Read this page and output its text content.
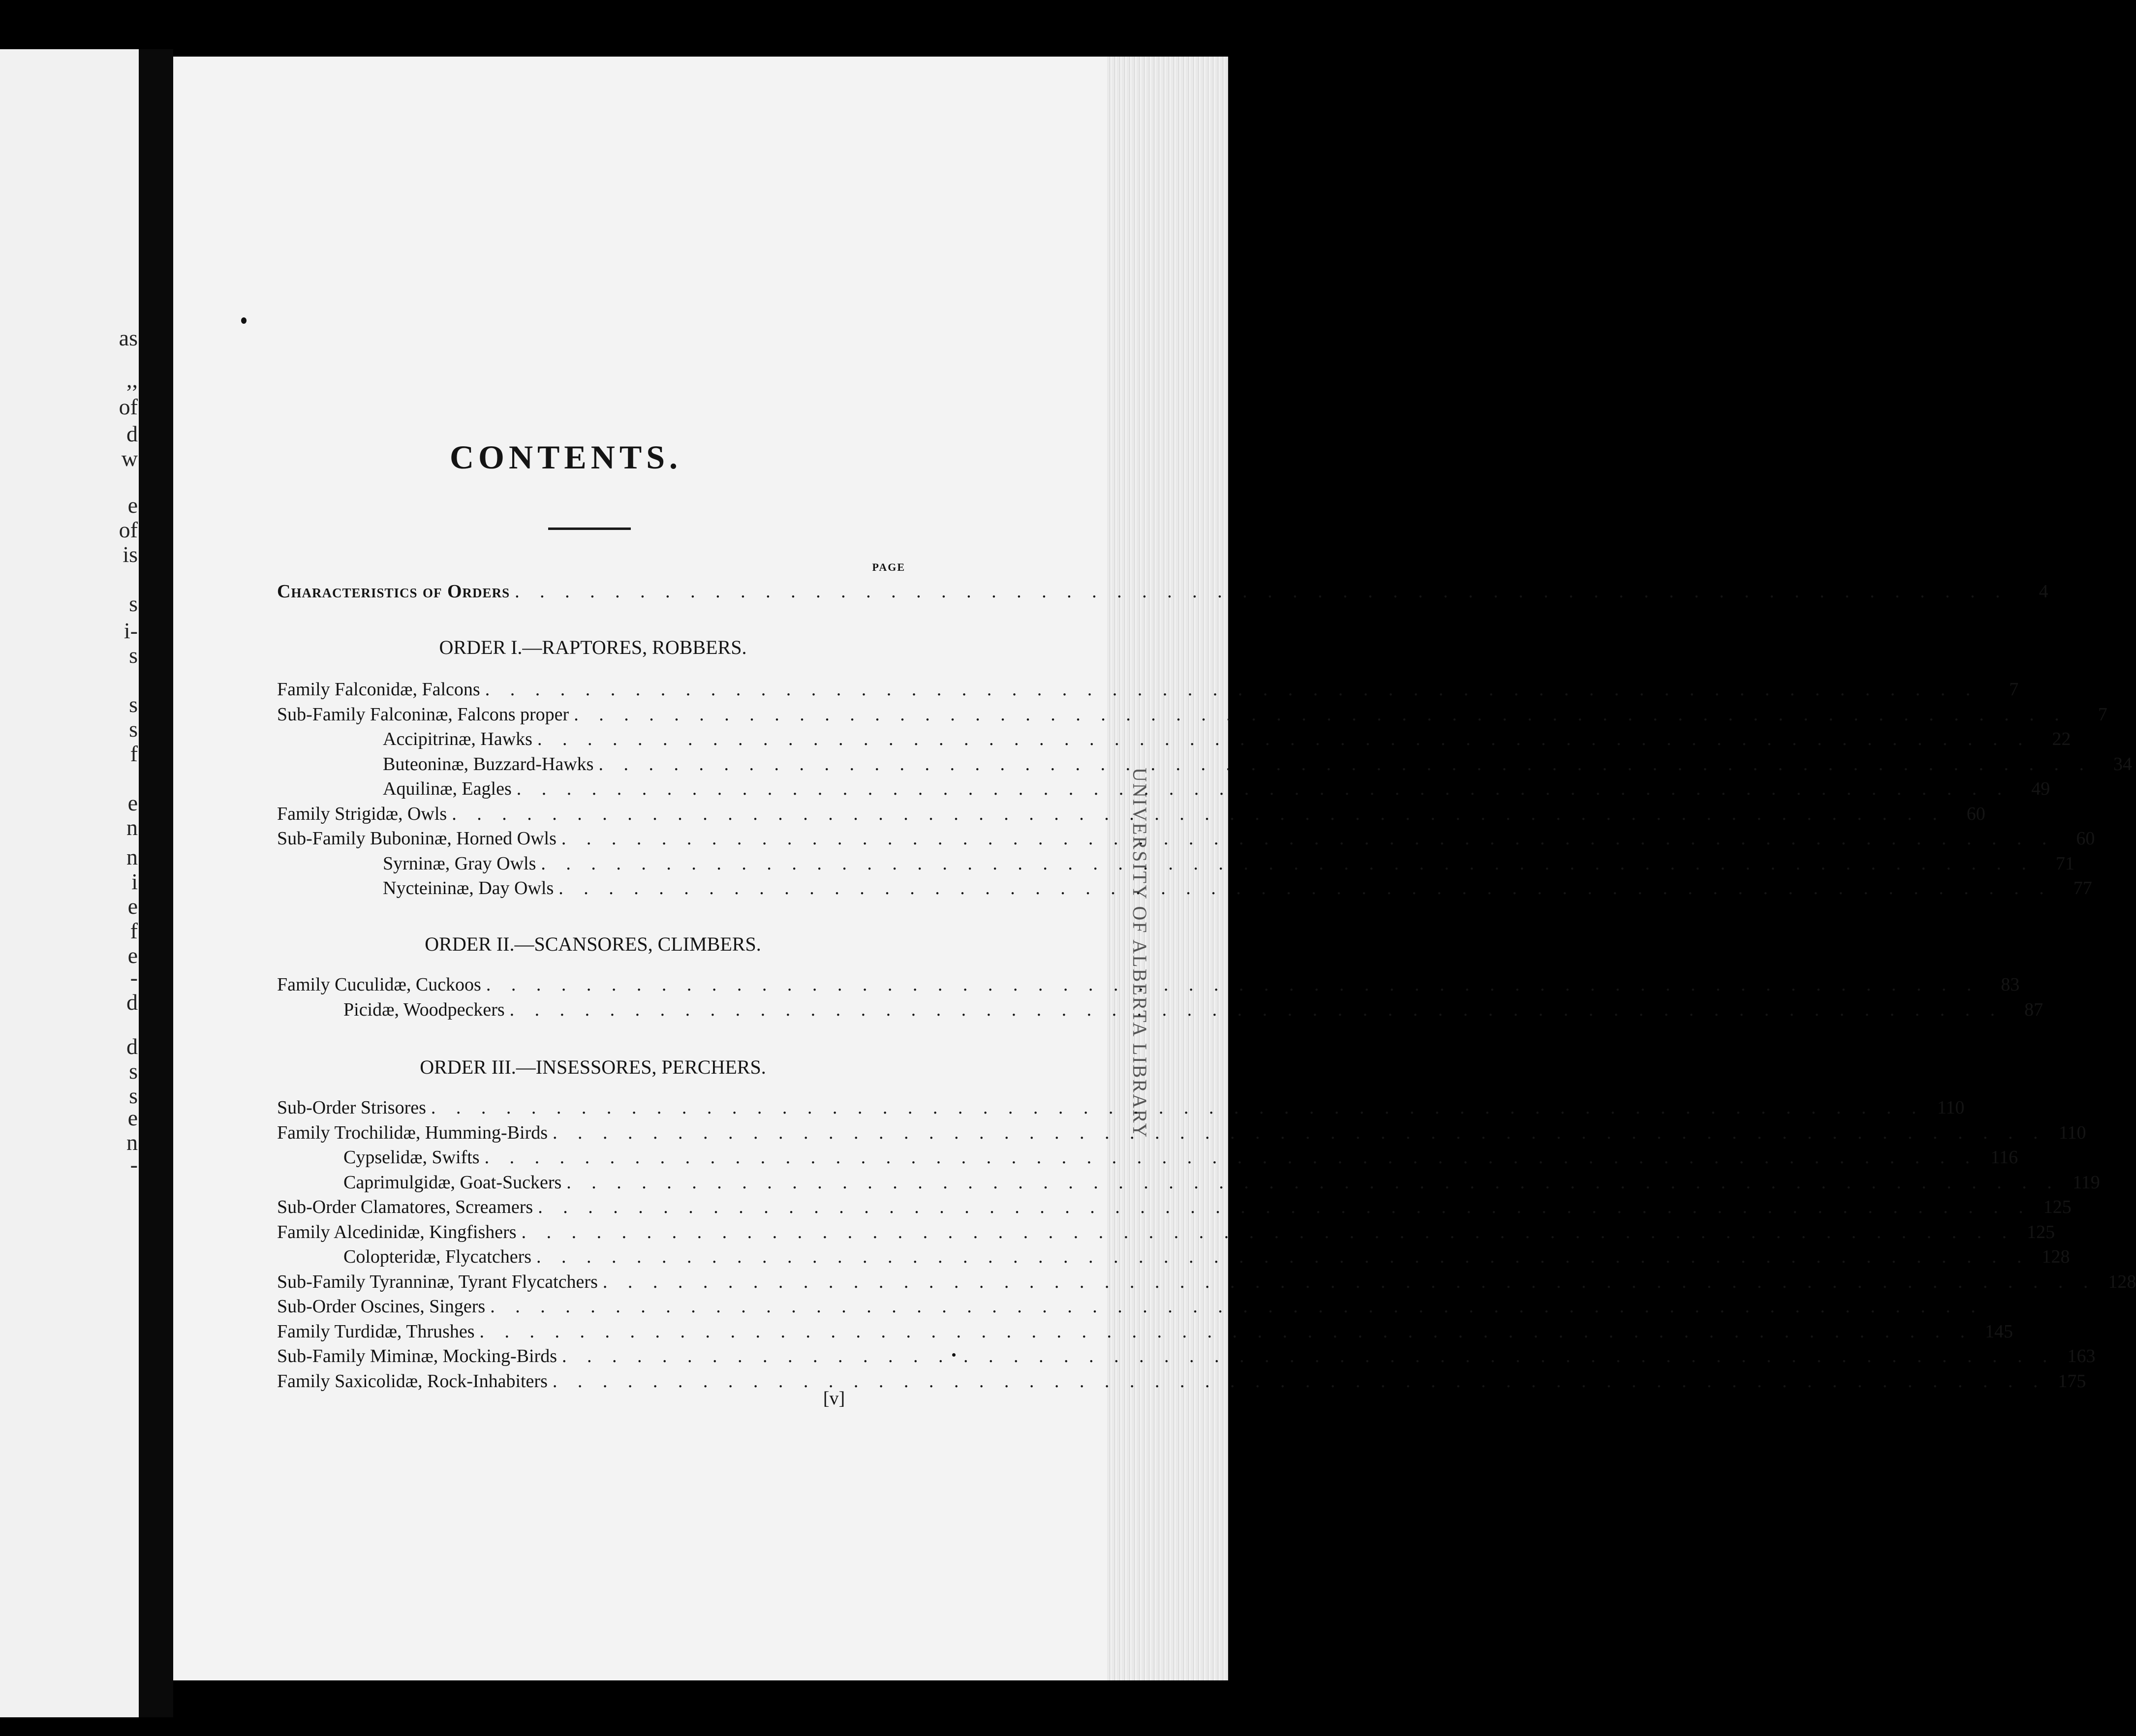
as
,,
of
d
w
e
of
is
s
i-
s
s
s
f
e
n
n
i
e
f
e
-
d
d
s
s
e
n
-
UNIVERSITY OF ALBERTA LIBRARY
CONTENTS.
PAGE
Characteristics of Orders . . . . . . . . . . . . . . . . . . . . . . . . . . . . . . . . . . . . . . . . . . . . . . . . . . . . . . . . . . . .	4
ORDER I.—RAPTORES, ROBBERS.
Family Falconidæ, Falcons . . . . . . . . . . . . . . . . . . . . . . . . . . . . . . . . . . . . . . . . . . . . . . . . . . . . . . . . . . . .	7
Sub-Family Falconinæ, Falcons proper . . . . . . . . . . . . . . . . . . . . . . . . . . . . . . . . . . . . . . . . . . . . . . . . . . . . . . . . . . . .	7
Accipitrinæ, Hawks . . . . . . . . . . . . . . . . . . . . . . . . . . . . . . . . . . . . . . . . . . . . . . . . . . . . . . . . . . . .	22
Buteoninæ, Buzzard-Hawks . . . . . . . . . . . . . . . . . . . . . . . . . . . . . . . . . . . . . . . . . . . . . . . . . . . . . . . . . . . .	34
Aquilinæ, Eagles . . . . . . . . . . . . . . . . . . . . . . . . . . . . . . . . . . . . . . . . . . . . . . . . . . . . . . . . . . . .	49
Family Strigidæ, Owls . . . . . . . . . . . . . . . . . . . . . . . . . . . . . . . . . . . . . . . . . . . . . . . . . . . . . . . . . . . .	60
Sub-Family Buboninæ, Horned Owls . . . . . . . . . . . . . . . . . . . . . . . . . . . . . . . . . . . . . . . . . . . . . . . . . . . . . . . . . . . .	60
Syrninæ, Gray Owls . . . . . . . . . . . . . . . . . . . . . . . . . . . . . . . . . . . . . . . . . . . . . . . . . . . . . . . . . . . .	71
Nycteininæ, Day Owls . . . . . . . . . . . . . . . . . . . . . . . . . . . . . . . . . . . . . . . . . . . . . . . . . . . . . . . . . . . .	77
ORDER II.—SCANSORES, CLIMBERS.
Family Cuculidæ, Cuckoos . . . . . . . . . . . . . . . . . . . . . . . . . . . . . . . . . . . . . . . . . . . . . . . . . . . . . . . . . . . .	83
Picidæ, Woodpeckers . . . . . . . . . . . . . . . . . . . . . . . . . . . . . . . . . . . . . . . . . . . . . . . . . . . . . . . . . . . .	87
ORDER III.—INSESSORES, PERCHERS.
Sub-Order Strisores . . . . . . . . . . . . . . . . . . . . . . . . . . . . . . . . . . . . . . . . . . . . . . . . . . . . . . . . . . . . 110
Family Trochilidæ, Humming-Birds . . . . . . . . . . . . . . . . . . . . . . . . . . . . . . . . . . . . . . . . . . . . . . . . . . . . . . . . . . . . 110
Cypselidæ, Swifts . . . . . . . . . . . . . . . . . . . . . . . . . . . . . . . . . . . . . . . . . . . . . . . . . . . . . . . . . . . . 116
Caprimulgidæ, Goat-Suckers . . . . . . . . . . . . . . . . . . . . . . . . . . . . . . . . . . . . . . . . . . . . . . . . . . . . . . . . . . . . 119
Sub-Order Clamatores, Screamers . . . . . . . . . . . . . . . . . . . . . . . . . . . . . . . . . . . . . . . . . . . . . . . . . . . . . . . . . . . . 125
Family Alcedinidæ, Kingfishers . . . . . . . . . . . . . . . . . . . . . . . . . . . . . . . . . . . . . . . . . . . . . . . . . . . . . . . . . . . . 125
Colopteridæ, Flycatchers . . . . . . . . . . . . . . . . . . . . . . . . . . . . . . . . . . . . . . . . . . . . . . . . . . . . . . . . . . . . 128
Sub-Family Tyranninæ, Tyrant Flycatchers . . . . . . . . . . . . . . . . . . . . . . . . . . . . . . . . . . . . . . . . . . . . . . . . . . . . . . . . . . . . 128
Sub-Order Oscines, Singers . . . . . . . . . . . . . . . . . . . . . . . . . . . . . . . . . . . . . . . . . . . . . . . . . . . . . . . . . . . .
Family Turdidæ, Thrushes . . . . . . . . . . . . . . . . . . . . . . . . . . . . . . . . . . . . . . . . . . . . . . . . . . . . . . . . . . . . 145
Sub-Family Miminæ, Mocking-Birds . . . . . . . . . . . . . . . . . . . . . . . . . . . . . . . . . . . . . . . . . . . . . . . . . . . . . . . . . . . . 163
Family Saxicolidæ, Rock-Inhabiters . . . . . . . . . . . . . . . . . . . . . . . . . . . . . . . . . . . . . . . . . . . . . . . . . . . . . . . . . . . . 175
[v]
